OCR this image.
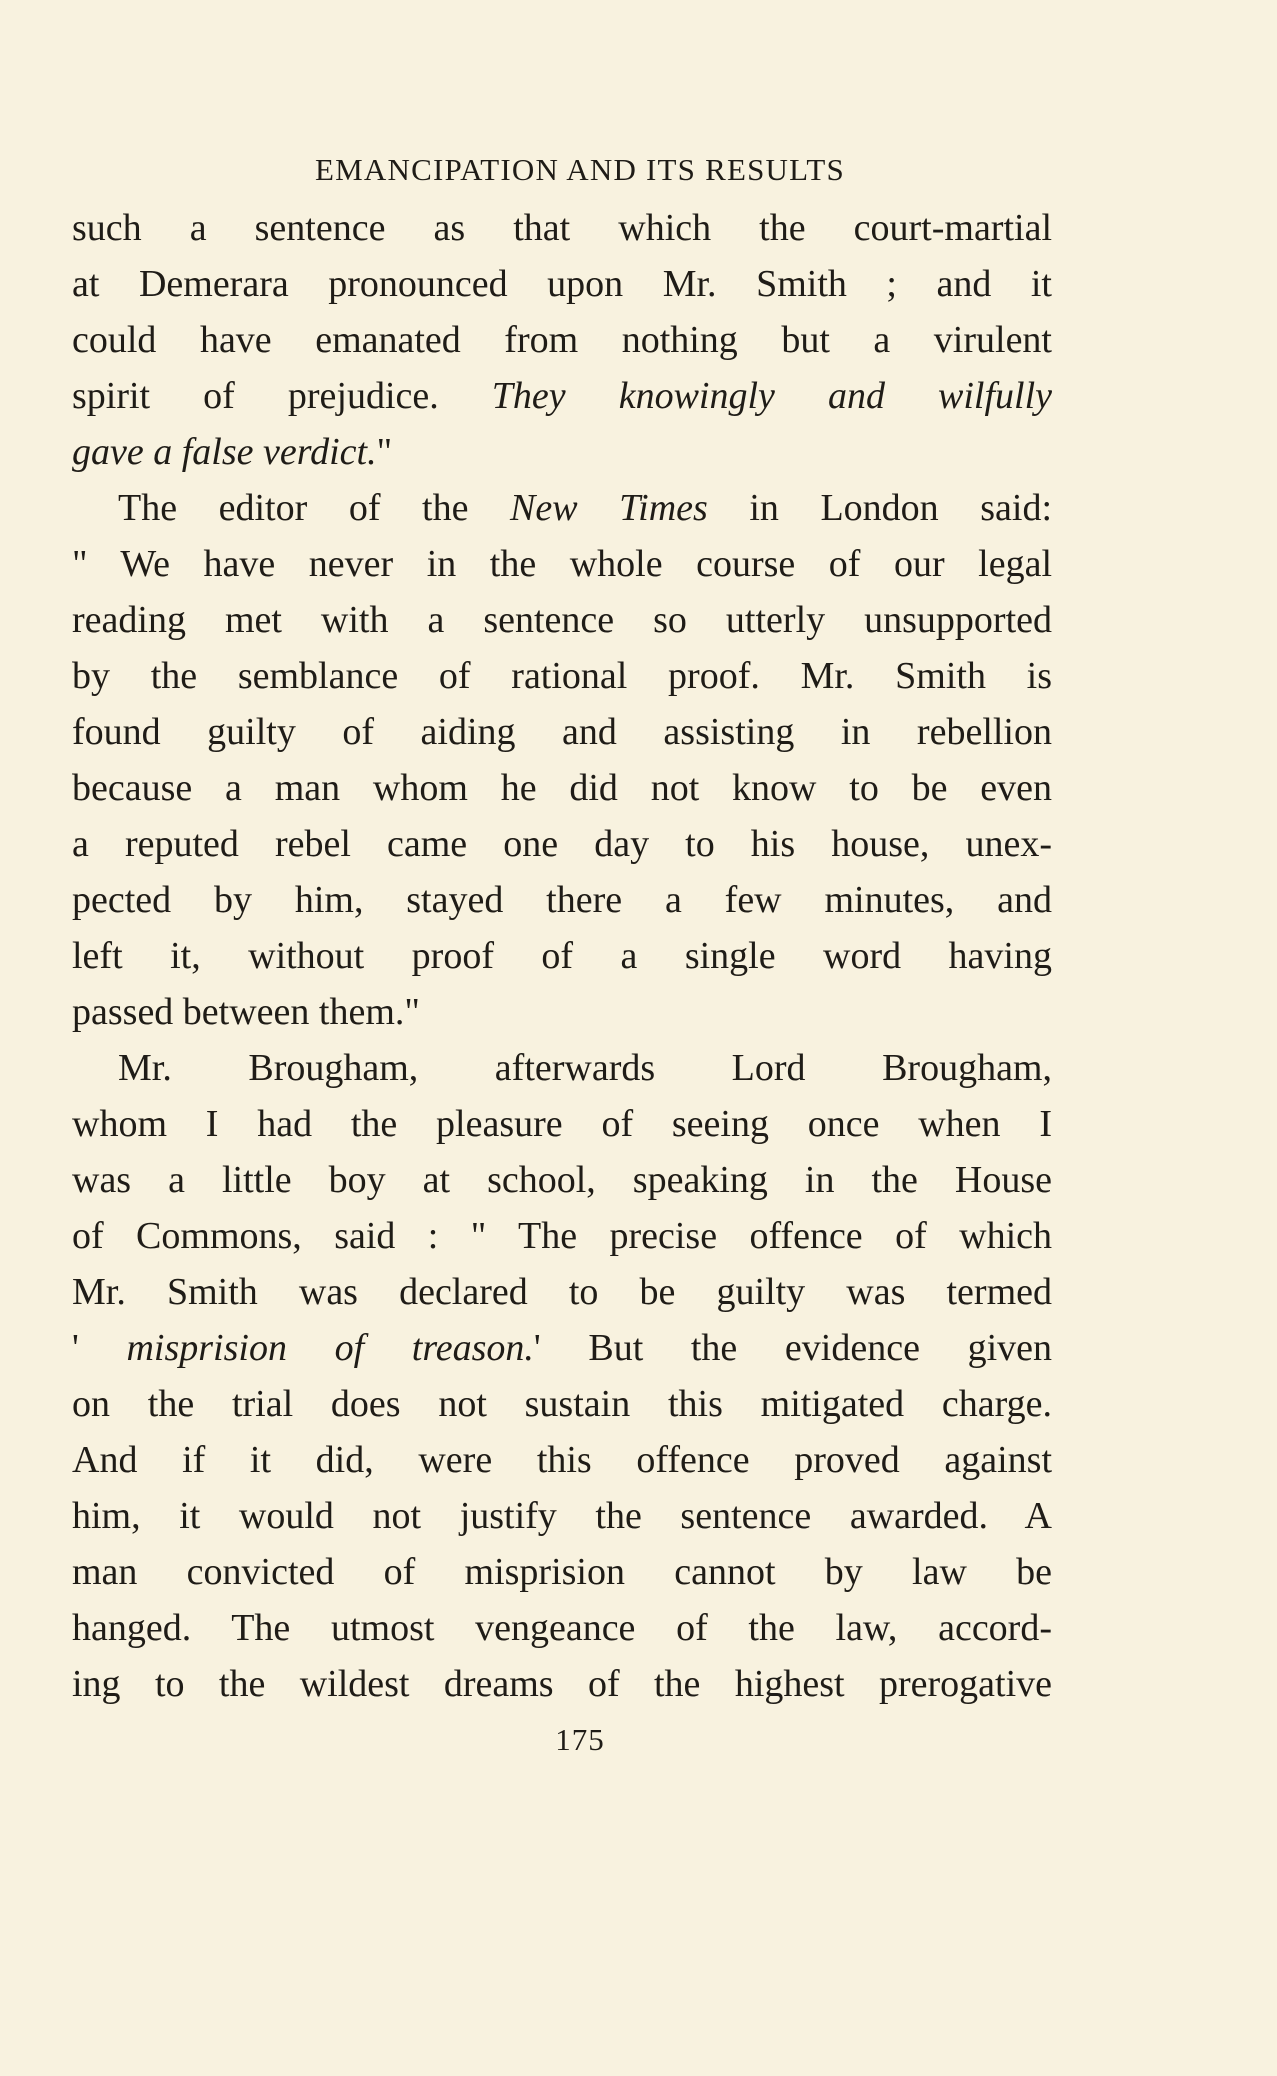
EMANCIPATION AND ITS RESULTS
such a sentence as that which the court-martial
at Demerara pronounced upon Mr. Smith ; and it
could have emanated from nothing but a virulent
spirit of prejudice. They knowingly and wilfully
gave a false verdict."
The editor of the New Times in London said:
" We have never in the whole course of our legal
reading met with a sentence so utterly unsupported
by the semblance of rational proof. Mr. Smith is
found guilty of aiding and assisting in rebellion
because a man whom he did not know to be even
a reputed rebel came one day to his house, unex-
pected by him, stayed there a few minutes, and
left it, without proof of a single word having
passed between them."
Mr. Brougham, afterwards Lord Brougham,
whom I had the pleasure of seeing once when I
was a little boy at school, speaking in the House
of Commons, said : " The precise offence of which
Mr. Smith was declared to be guilty was termed
' misprision of treason.' But the evidence given
on the trial does not sustain this mitigated charge.
And if it did, were this offence proved against
him, it would not justify the sentence awarded. A
man convicted of misprision cannot by law be
hanged. The utmost vengeance of the law, accord-
ing to the wildest dreams of the highest prerogative
175
